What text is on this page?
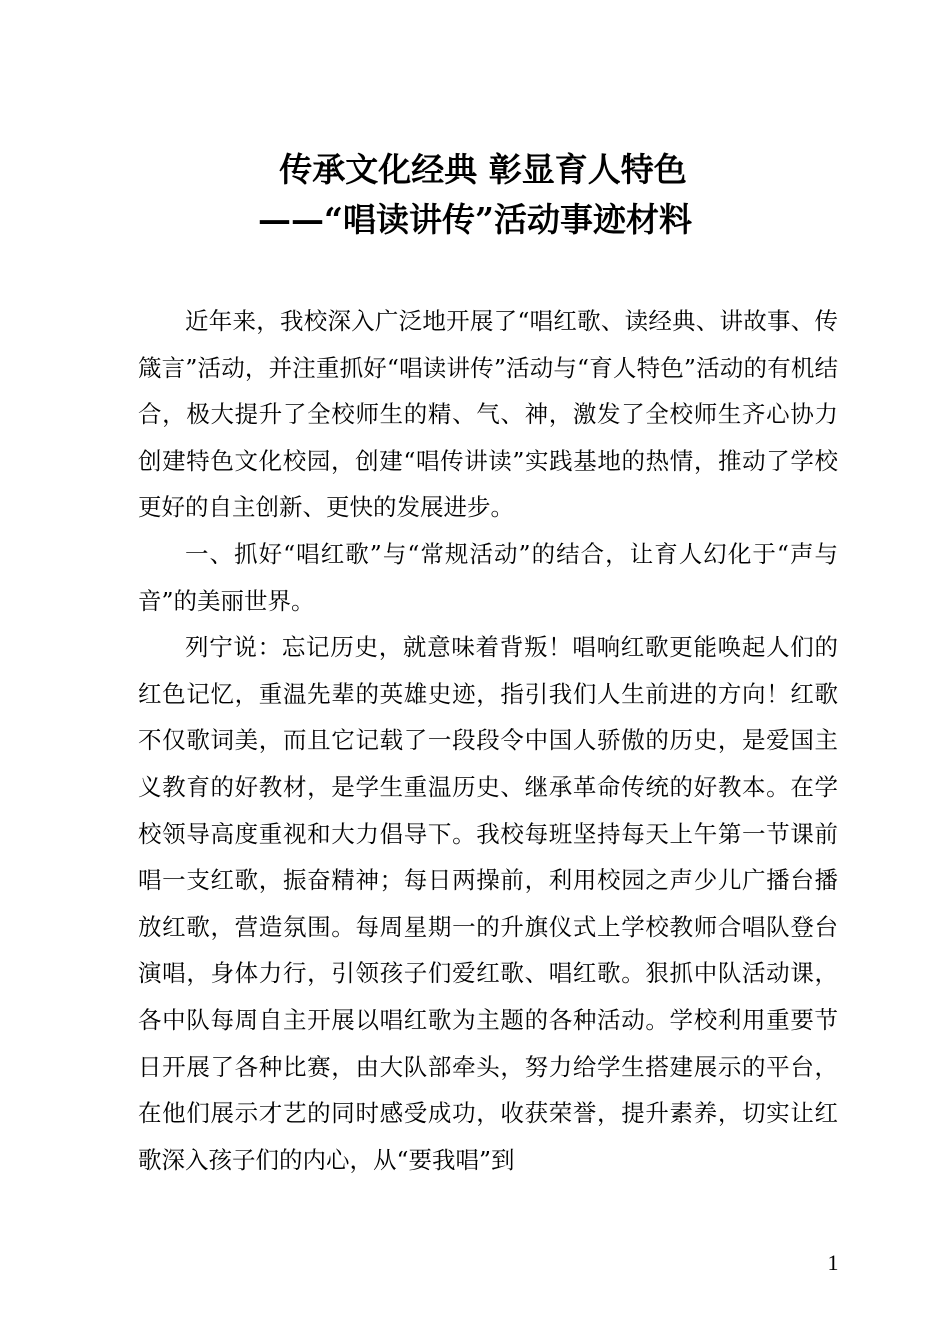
传承文化经典 彰显育人特色
——“唱读讲传”活动事迹材料

近年来，我校深入广泛地开展了“唱红歌、读经典、讲故事、传箴言”活动，并注重抓好“唱读讲传”活动与“育人特色”活动的有机结合，极大提升了全校师生的精、气、神，激发了全校师生齐心协力创建特色文化校园，创建“唱传讲读”实践基地的热情，推动了学校更好的自主创新、更快的发展进步。

一、抓好“唱红歌”与“常规活动”的结合，让育人幻化于“声与音”的美丽世界。

列宁说：忘记历史，就意味着背叛！唱响红歌更能唤起人们的红色记忆，重温先辈的英雄史迹，指引我们人生前进的方向！红歌不仅歌词美，而且它记载了一段段令中国人骄傲的历史，是爱国主义教育的好教材，是学生重温历史、继承革命传统的好教本。在学校领导高度重视和大力倡导下。我校每班坚持每天上午第一节课前唱一支红歌，振奋精神；每日两操前，利用校园之声少儿广播台播放红歌，营造氛围。每周星期一的升旗仪式上学校教师合唱队登台演唱，身体力行，引领孩子们爱红歌、唱红歌。狠抓中队活动课，各中队每周自主开展以唱红歌为主题的各种活动。学校利用重要节日开展了各种比赛，由大队部牵头，努力给学生搭建展示的平台，在他们展示才艺的同时感受成功，收获荣誉，提升素养，切实让红歌深入孩子们的内心，从“要我唱”到

1
